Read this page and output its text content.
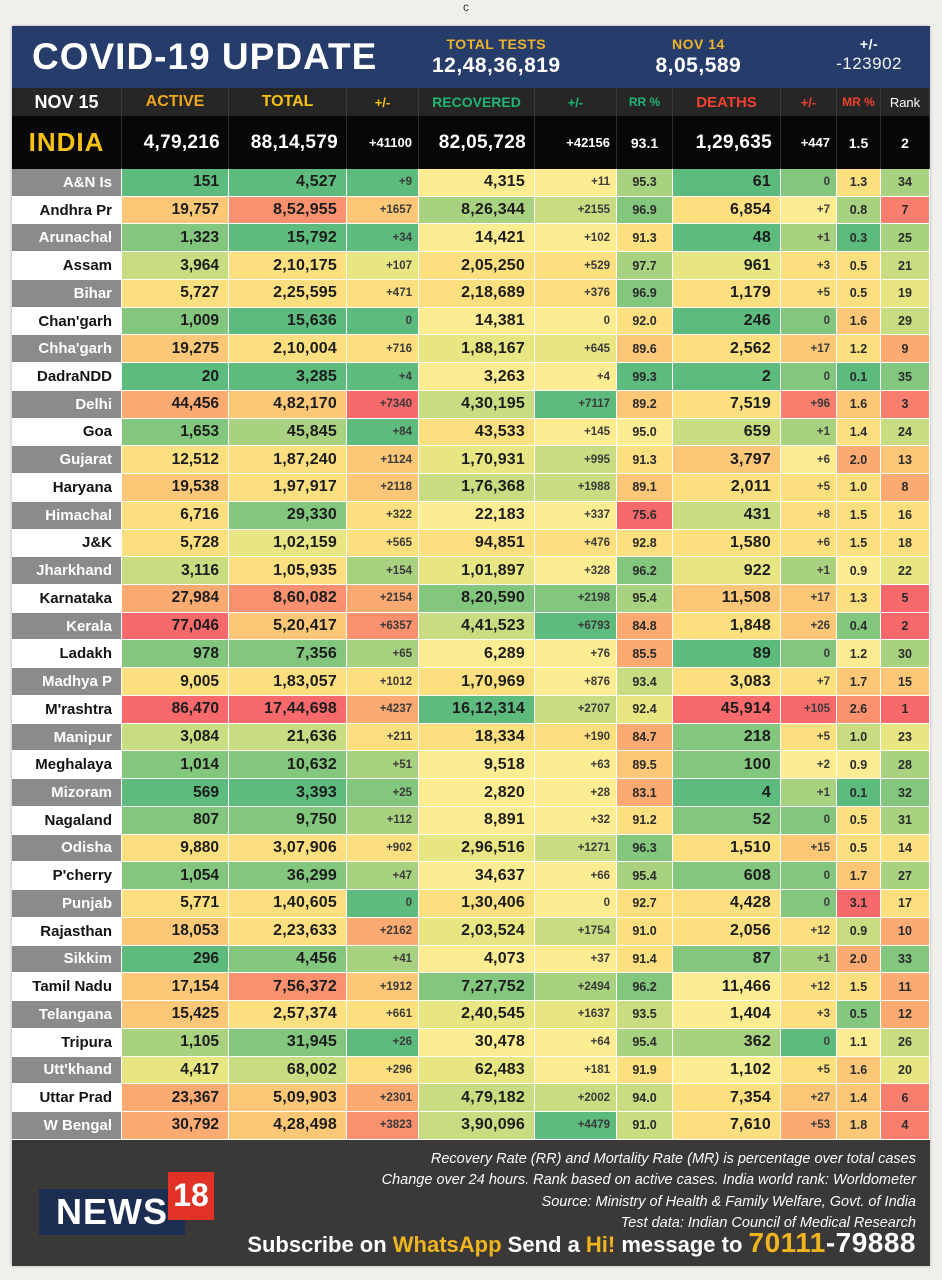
c
COVID-19 UPDATE	TOTAL TESTS
12,48,36,819
NOV 14
8,05,589
+/-
-123902
NOV 15	ACTIVE	TOTAL	+/-	RECOVERED	+/-	RR %	DEATHS	+/-	MR %	Rank
INDIA	4,79,216	88,14,579	+41100	82,05,728	+42156	93.1	1,29,635	+447	1.5	2
A&N Is	151	4,527	+9	4,315	+11	95.3	61	0	1.3	34
Andhra Pr	19,757	8,52,955	+1657	8,26,344	+2155	96.9	6,854	+7	0.8	7
Arunachal	1,323	15,792	+34	14,421	+102	91.3	48	+1	0.3	25
Assam	3,964	2,10,175	+107	2,05,250	+529	97.7	961	+3	0.5	21
Bihar	5,727	2,25,595	+471	2,18,689	+376	96.9	1,179	+5	0.5	19
Chan'garh	1,009	15,636	0	14,381	0	92.0	246	0	1.6	29
Chha'garh	19,275	2,10,004	+716	1,88,167	+645	89.6	2,562	+17	1.2	9
DadraNDD	20	3,285	+4	3,263	+4	99.3	2	0	0.1	35
Delhi	44,456	4,82,170	+7340	4,30,195	+7117	89.2	7,519	+96	1.6	3
Goa	1,653	45,845	+84	43,533	+145	95.0	659	+1	1.4	24
Gujarat	12,512	1,87,240	+1124	1,70,931	+995	91.3	3,797	+6	2.0	13
Haryana	19,538	1,97,917	+2118	1,76,368	+1988	89.1	2,011	+5	1.0	8
Himachal	6,716	29,330	+322	22,183	+337	75.6	431	+8	1.5	16
J&K	5,728	1,02,159	+565	94,851	+476	92.8	1,580	+6	1.5	18
Jharkhand	3,116	1,05,935	+154	1,01,897	+328	96.2	922	+1	0.9	22
Karnataka	27,984	8,60,082	+2154	8,20,590	+2198	95.4	11,508	+17	1.3	5
Kerala	77,046	5,20,417	+6357	4,41,523	+6793	84.8	1,848	+26	0.4	2
Ladakh	978	7,356	+65	6,289	+76	85.5	89	0	1.2	30
Madhya P	9,005	1,83,057	+1012	1,70,969	+876	93.4	3,083	+7	1.7	15
M'rashtra	86,470	17,44,698	+4237	16,12,314	+2707	92.4	45,914	+105	2.6	1
Manipur	3,084	21,636	+211	18,334	+190	84.7	218	+5	1.0	23
Meghalaya	1,014	10,632	+51	9,518	+63	89.5	100	+2	0.9	28
Mizoram	569	3,393	+25	2,820	+28	83.1	4	+1	0.1	32
Nagaland	807	9,750	+112	8,891	+32	91.2	52	0	0.5	31
Odisha	9,880	3,07,906	+902	2,96,516	+1271	96.3	1,510	+15	0.5	14
P'cherry	1,054	36,299	+47	34,637	+66	95.4	608	0	1.7	27
Punjab	5,771	1,40,605	0	1,30,406	0	92.7	4,428	0	3.1	17
Rajasthan	18,053	2,23,633	+2162	2,03,524	+1754	91.0	2,056	+12	0.9	10
Sikkim	296	4,456	+41	4,073	+37	91.4	87	+1	2.0	33
Tamil Nadu	17,154	7,56,372	+1912	7,27,752	+2494	96.2	11,466	+12	1.5	11
Telangana	15,425	2,57,374	+661	2,40,545	+1637	93.5	1,404	+3	0.5	12
Tripura	1,105	31,945	+26	30,478	+64	95.4	362	0	1.1	26
Utt'khand	4,417	68,002	+296	62,483	+181	91.9	1,102	+5	1.6	20
Uttar Prad	23,367	5,09,903	+2301	4,79,182	+2002	94.0	7,354	+27	1.4	6
W Bengal	30,792	4,28,498	+3823	3,90,096	+4479	91.0	7,610	+53	1.8	4
NEWS 18
Recovery Rate (RR) and Mortality Rate (MR) is percentage over total cases
Change over 24 hours. Rank based on active cases. India world rank: Worldometer
Source: Ministry of Health & Family Welfare, Govt. of India
Test data: Indian Council of Medical Research
Subscribe on WhatsApp Send a Hi! message to 70111-79888
